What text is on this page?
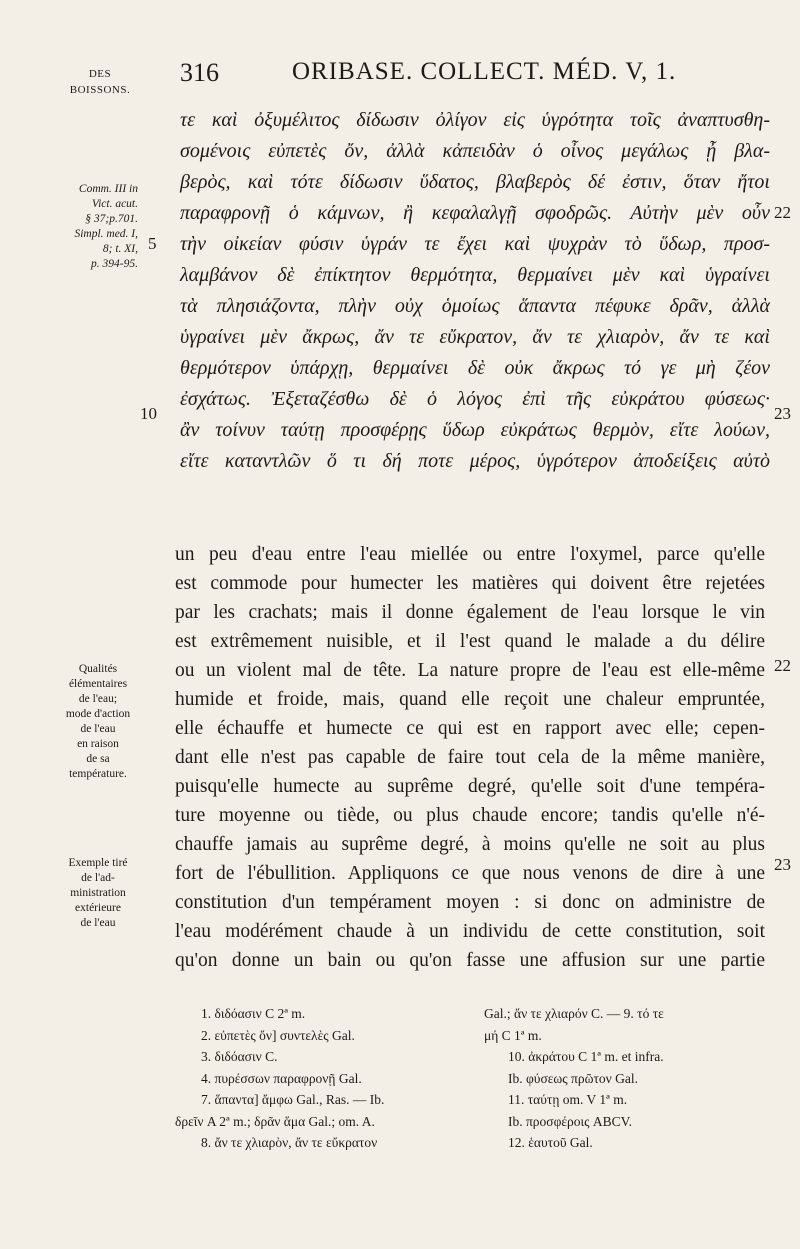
DES
BOISSONS.
316	ORIBASE. COLLECT. MÉD. V, 1.
Comm. III in
Vict. acut.
§ 37;p.701.
Simpl. med. I,
8; t. XI,
p. 394-95.
τε καὶ ὀξυμέλιτος δίδωσιν ὀλίγον εἰς ὑγρότητα τοῖς ἀναπτυσθη-
σομένοις εὐπετὲς ὄν, ἀλλὰ κἀπειδὰν ὁ οἶνος μεγάλως ᾖ βλα-
βερὸς, καὶ τότε δίδωσιν ὕδατος, βλαβερὸς δέ ἐστιν, ὅταν ἤτοι
παραφρονῇ ὁ κάμνων, ἢ κεφαλαλγῇ σφοδρῶς. Αὐτὴν μὲν οὖν
τὴν οἰκείαν φύσιν ὑγράν τε ἔχει καὶ ψυχρὰν τὸ ὕδωρ, προσ-
λαμβάνον δὲ ἐπίκτητον θερμότητα, θερμαίνει μὲν καὶ ὑγραίνει
τὰ πλησιάζοντα, πλὴν οὐχ ὁμοίως ἅπαντα πέφυκε δρᾶν, ἀλλὰ
ὑγραίνει μὲν ἄκρως, ἄν τε εὔκρατον, ἄν τε χλιαρὸν, ἄν τε καὶ
θερμότερον ὑπάρχῃ, θερμαίνει δὲ οὐκ ἄκρως τό γε μὴ ζέον
ἐσχάτως. Ἐξεταζέσθω δὲ ὁ λόγος ἐπὶ τῆς εὐκράτου φύσεως·
ἂν τοίνυν ταύτῃ προσφέρῃς ὕδωρ εὐκράτως θερμὸν, εἴτε λούων,
εἴτε καταντλῶν ὅ τι δή ποτε μέρος, ὑγρότερον ἀποδείξεις αὐτὸ
5
10
22
23
Qualités
élémentaires
de l'eau;
mode d'action
de l'eau
en raison
de sa
température.
Exemple tiré
de l'ad-
ministration
extérieure
de l'eau
un peu d'eau entre l'eau miellée ou entre l'oxymel, parce qu'elle
est commode pour humecter les matières qui doivent être rejetées
par les crachats; mais il donne également de l'eau lorsque le vin
est extrêmement nuisible, et il l'est quand le malade a du délire
ou un violent mal de tête. La nature propre de l'eau est elle-même
humide et froide, mais, quand elle reçoit une chaleur empruntée,
elle échauffe et humecte ce qui est en rapport avec elle; cepen-
dant elle n'est pas capable de faire tout cela de la même manière,
puisqu'elle humecte au suprême degré, qu'elle soit d'une tempéra-
ture moyenne ou tiède, ou plus chaude encore; tandis qu'elle n'é-
chauffe jamais au suprême degré, à moins qu'elle ne soit au plus
fort de l'ébullition. Appliquons ce que nous venons de dire à une
constitution d'un tempérament moyen : si donc on administre de
l'eau modérément chaude à un individu de cette constitution, soit
qu'on donne un bain ou qu'on fasse une affusion sur une partie
22
23
1. διδόασιν C 2ª m.
2. εὐπετὲς ὄν] συντελὲς Gal.
3. διδόασιν C.
4. πυρέσσων παραφρονῇ Gal.
7. ἅπαντα] ἄμφω Gal., Ras. — Ib.
δρεῖν A 2ª m.; δρᾶν ἅμα Gal.; om. A.
8. ἄν τε χλιαρὸν, ἄν τε εὔκρατον
Gal.; ἄν τε χλιαρόν C. — 9. τό τε
μή C 1ª m.
10. ἀκράτου C 1ª m. et infra.
Ib. φύσεως πρῶτον Gal.
11. ταύτῃ om. V 1ª m.
Ib. προσφέροις ABCV.
12. ἑαυτοῦ Gal.
